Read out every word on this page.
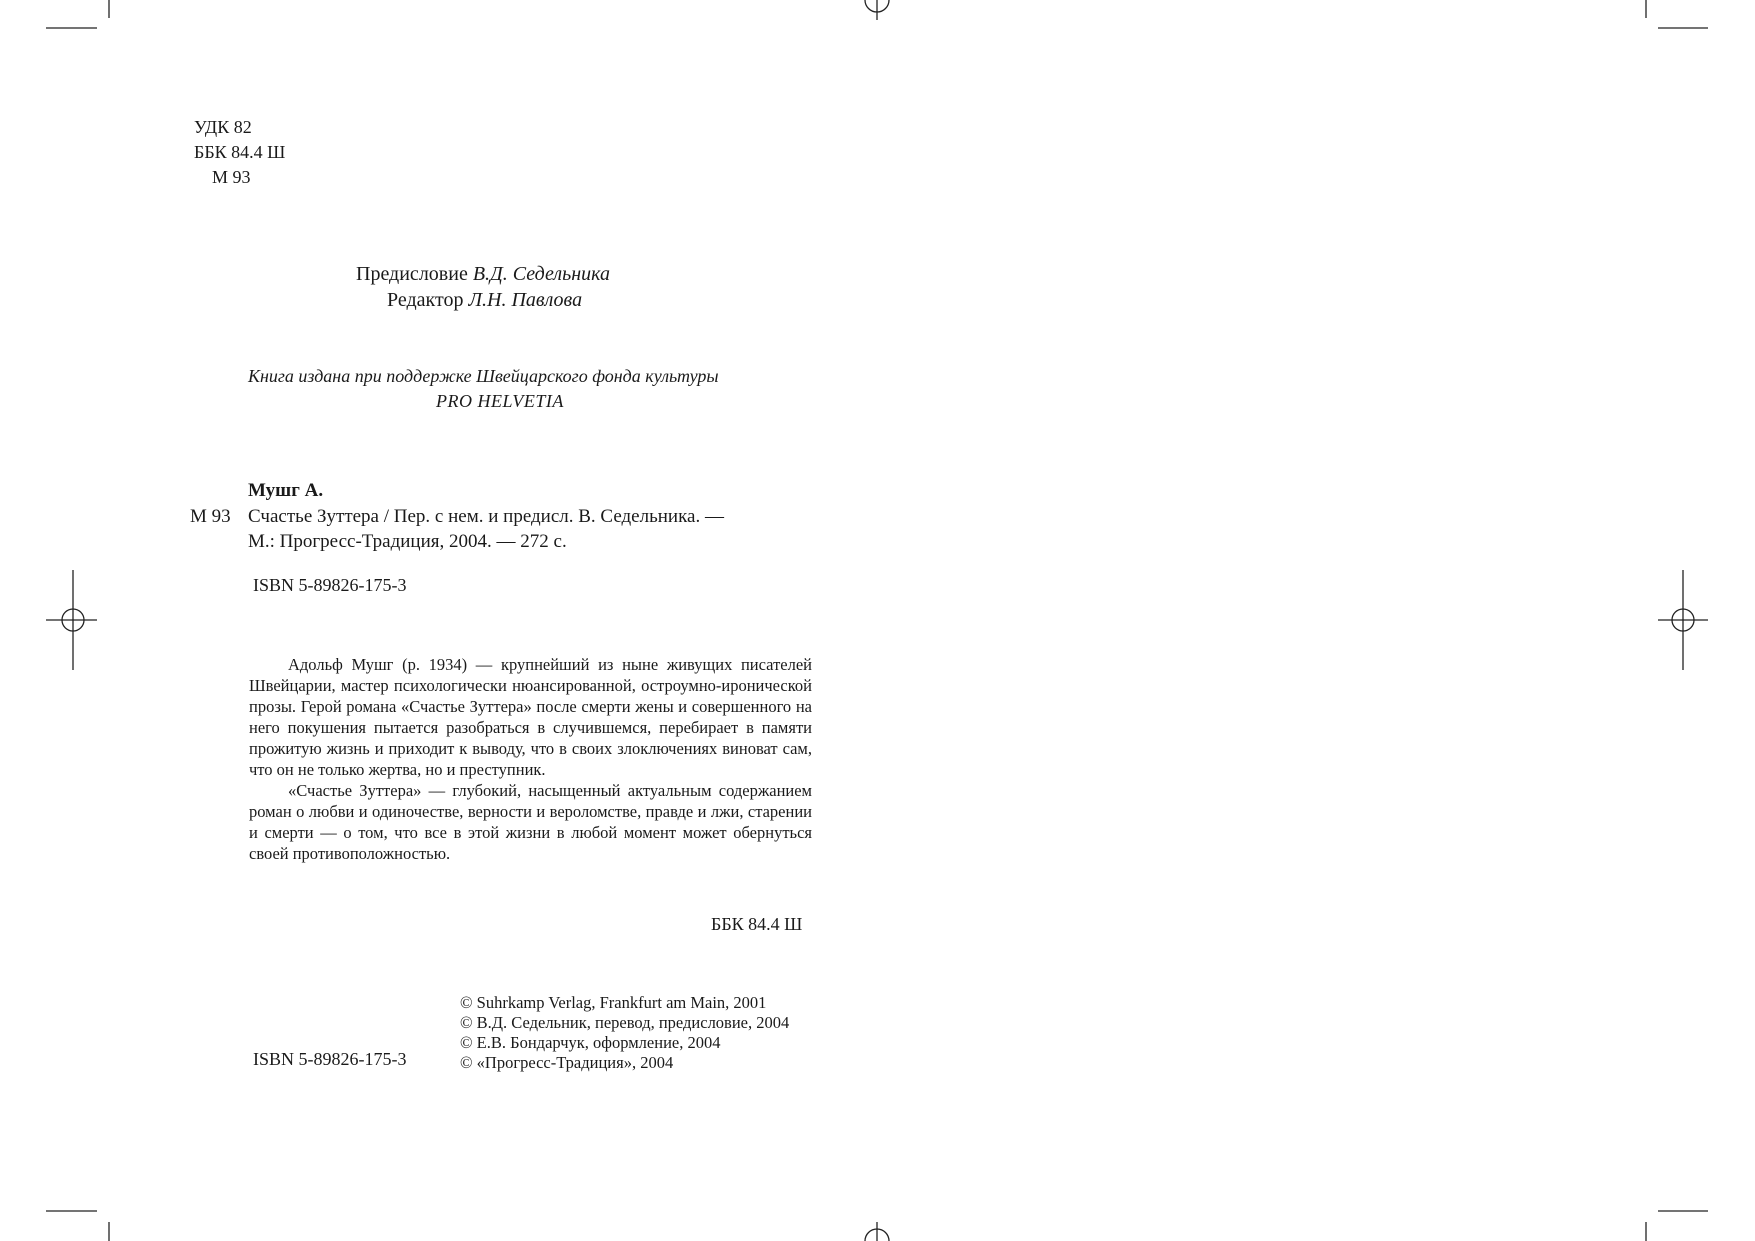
УДК 82
ББК 84.4 Ш
М 93
Предисловие В.Д. Седельника
Редактор Л.Н. Павлова
Книга издана при поддержке Швейцарского фонда культуры
PRO HELVETIA
Мушг А.
М 93 Счастье Зуттера / Пер. с нем. и предисл. В. Седельника. —
М.: Прогресс-Традиция, 2004. — 272 с.
ISBN 5-89826-175-3

Адольф Мушг (р. 1934) — крупнейший из ныне живущих писателей Швейцарии, мастер психологически нюансированной, остроумно-иронической прозы. Герой романа «Счастье Зуттера» после смерти жены и совершенного на него покушения пытается разобраться в случившемся, перебирает в памяти прожитую жизнь и приходит к выводу, что в своих злоключениях виноват сам, что он не только жертва, но и преступник.

«Счастье Зуттера» — глубокий, насыщенный актуальным содержанием роман о любви и одиночестве, верности и вероломстве, правде и лжи, старении и смерти — о том, что все в этой жизни в любой момент может обернуться своей противоположностью.

ББК 84.4 Ш
ISBN 5-89826-175-3
© Suhrkamp Verlag, Frankfurt am Main, 2001
© В.Д. Седельник, перевод, предисловие, 2004
© Е.В. Бондарчук, оформление, 2004
© «Прогресс-Традиция», 2004
